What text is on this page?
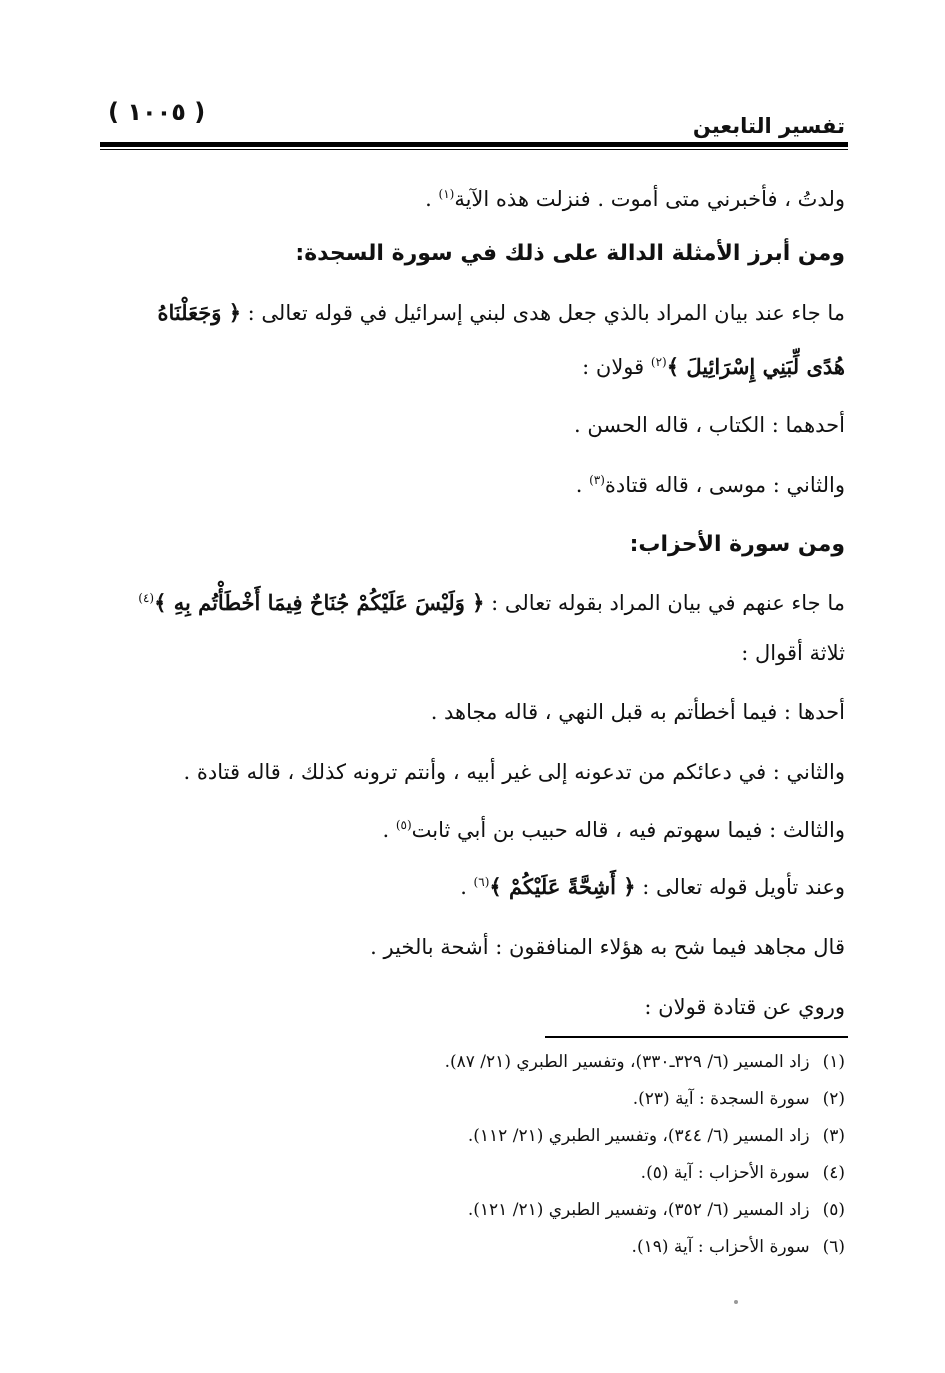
تفسير التابعين
( ١٠٠٥ )
ولدتُ ، فأخبرني متى أموت . فنزلت هذه الآية$^{(١)}$ .
ومن أبرز الأمثلة الدالة على ذلك في سورة السجدة:
ما جاء عند بيان المراد بالذي جعل هدى لبني إسرائيل في قوله تعالى : ﴿ وَجَعَلْنَاهُ
هُدًى لِّبَنِي إِسْرَائِيلَ ﴾$^{(٢)}$ قولان :
أحدهما : الكتاب ، قاله الحسن .
والثاني : موسى ، قاله قتادة$^{(٣)}$ .
ومن سورة الأحزاب:
ما جاء عنهم في بيان المراد بقوله تعالى : ﴿ وَلَيْسَ عَلَيْكُمْ جُنَاحٌ فِيمَا أَخْطَأْتُم بِهِ ﴾$^{(٤)}$
ثلاثة أقوال :
أحدها : فيما أخطأتم به قبل النهي ، قاله مجاهد .
والثاني : في دعائكم من تدعونه إلى غير أبيه ، وأنتم ترونه كذلك ، قاله قتادة .
والثالث : فيما سهوتم فيه ، قاله حبيب بن أبي ثابت$^{(٥)}$ .
وعند تأويل قوله تعالى : ﴿ أَشِحَّةً عَلَيْكُمْ ﴾$^{(٦)}$ .
قال مجاهد فيما شح به هؤلاء المنافقون : أشحة بالخير .
وروي عن قتادة قولان :
(١) زاد المسير (٦/ ٣٢٩ـ٣٣٠)، وتفسير الطبري (٢١/ ٨٧).
(٢) سورة السجدة : آية (٢٣).
(٣) زاد المسير (٦/ ٣٤٤)، وتفسير الطبري (٢١/ ١١٢).
(٤) سورة الأحزاب : آية (٥).
(٥) زاد المسير (٦/ ٣٥٢)، وتفسير الطبري (٢١/ ١٢١).
(٦) سورة الأحزاب : آية (١٩).
